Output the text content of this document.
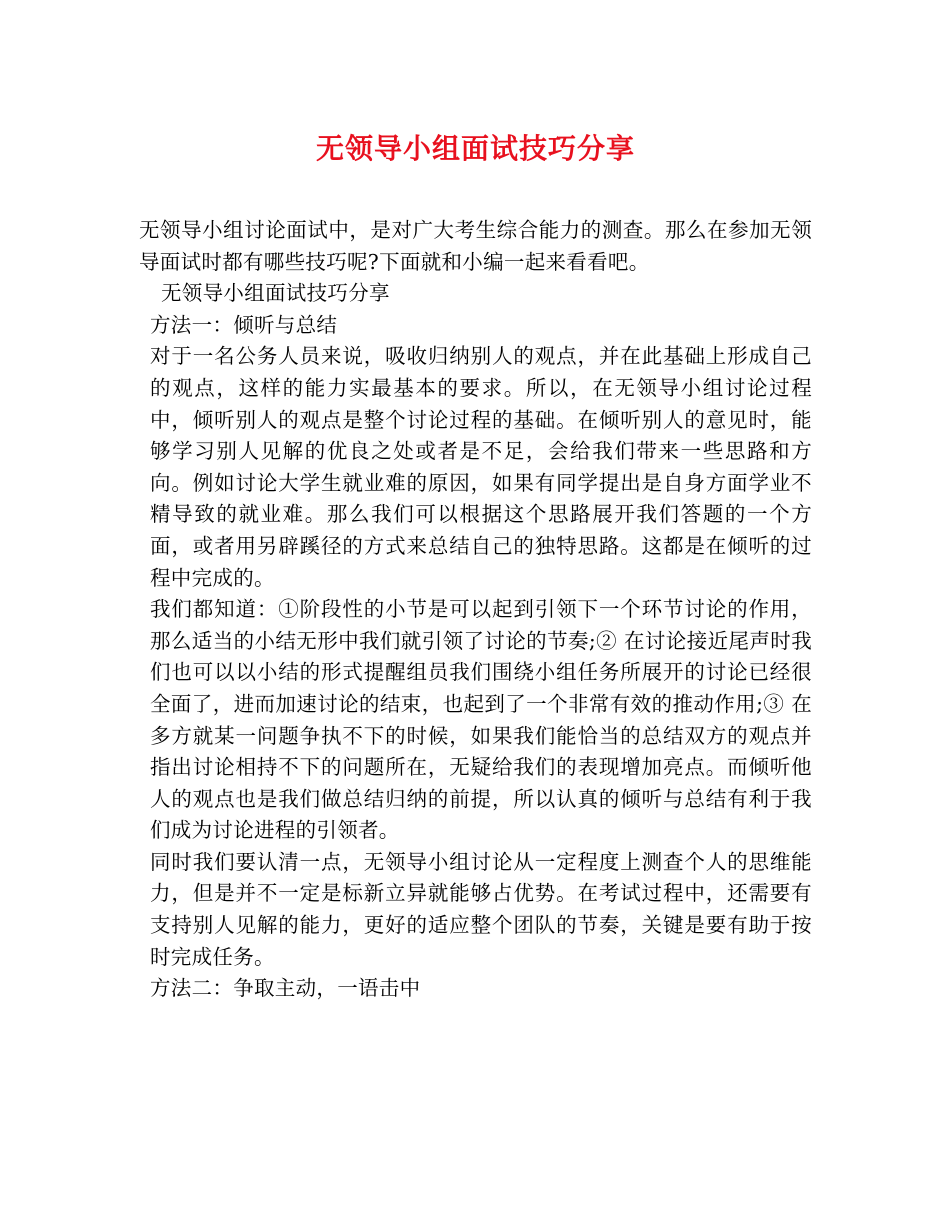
无领导小组面试技巧分享

无领导小组讨论面试中，是对广大考生综合能力的测查。那么在参加无领导面试时都有哪些技巧呢?下面就和小编一起来看看吧。

无领导小组面试技巧分享

方法一：倾听与总结

对于一名公务人员来说，吸收归纳别人的观点，并在此基础上形成自己的观点，这样的能力实最基本的要求。所以，在无领导小组讨论过程中，倾听别人的观点是整个讨论过程的基础。在倾听别人的意见时，能够学习别人见解的优良之处或者是不足，会给我们带来一些思路和方向。例如讨论大学生就业难的原因，如果有同学提出是自身方面学业不精导致的就业难。那么我们可以根据这个思路展开我们答题的一个方面，或者用另辟蹊径的方式来总结自己的独特思路。这都是在倾听的过程中完成的。

我们都知道：①阶段性的小节是可以起到引领下一个环节讨论的作用，那么适当的小结无形中我们就引领了讨论的节奏;② 在讨论接近尾声时我们也可以以小结的形式提醒组员我们围绕小组任务所展开的讨论已经很全面了，进而加速讨论的结束，也起到了一个非常有效的推动作用;③ 在多方就某一问题争执不下的时候，如果我们能恰当的总结双方的观点并指出讨论相持不下的问题所在，无疑给我们的表现增加亮点。而倾听他人的观点也是我们做总结归纳的前提，所以认真的倾听与总结有利于我们成为讨论进程的引领者。

同时我们要认清一点，无领导小组讨论从一定程度上测查个人的思维能力，但是并不一定是标新立异就能够占优势。在考试过程中，还需要有支持别人见解的能力，更好的适应整个团队的节奏，关键是要有助于按时完成任务。

方法二：争取主动，一语击中
